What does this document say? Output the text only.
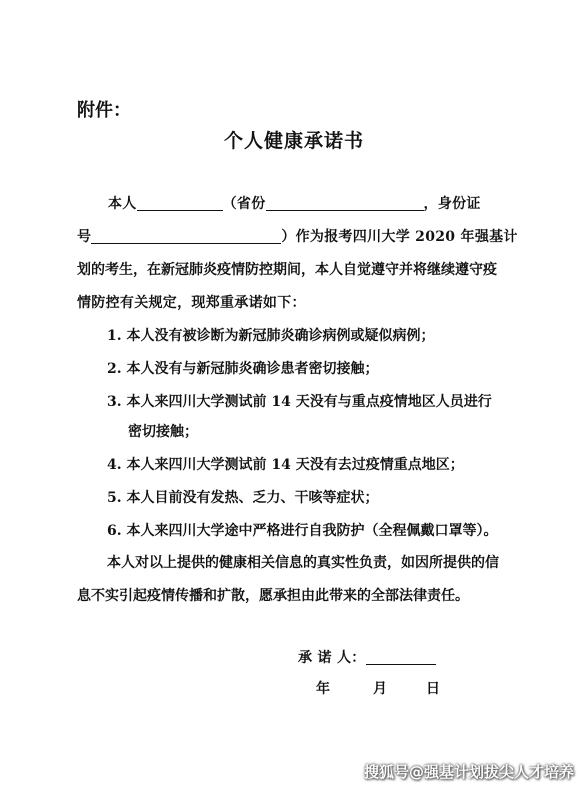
附件：
个人健康承诺书
本人	（省份	，身份证
号	）作为报考四川大学 2020 年强基计
划的考生，在新冠肺炎疫情防控期间，本人自觉遵守并将继续遵守疫
情防控有关规定，现郑重承诺如下：
1. 本人没有被诊断为新冠肺炎确诊病例或疑似病例；
2. 本人没有与新冠肺炎确诊患者密切接触；
3. 本人来四川大学测试前 14 天没有与重点疫情地区人员进行
密切接触；
4. 本人来四川大学测试前 14 天没有去过疫情重点地区；
5. 本人目前没有发热、乏力、干咳等症状；
6. 本人来四川大学途中严格进行自我防护（全程佩戴口罩等）。
本人对以上提供的健康相关信息的真实性负责，如因所提供的信
息不实引起疫情传播和扩散，愿承担由此带来的全部法律责任。
承 诺 人：
年	月	日
搜狐号@强基计划拔尖人才培养
